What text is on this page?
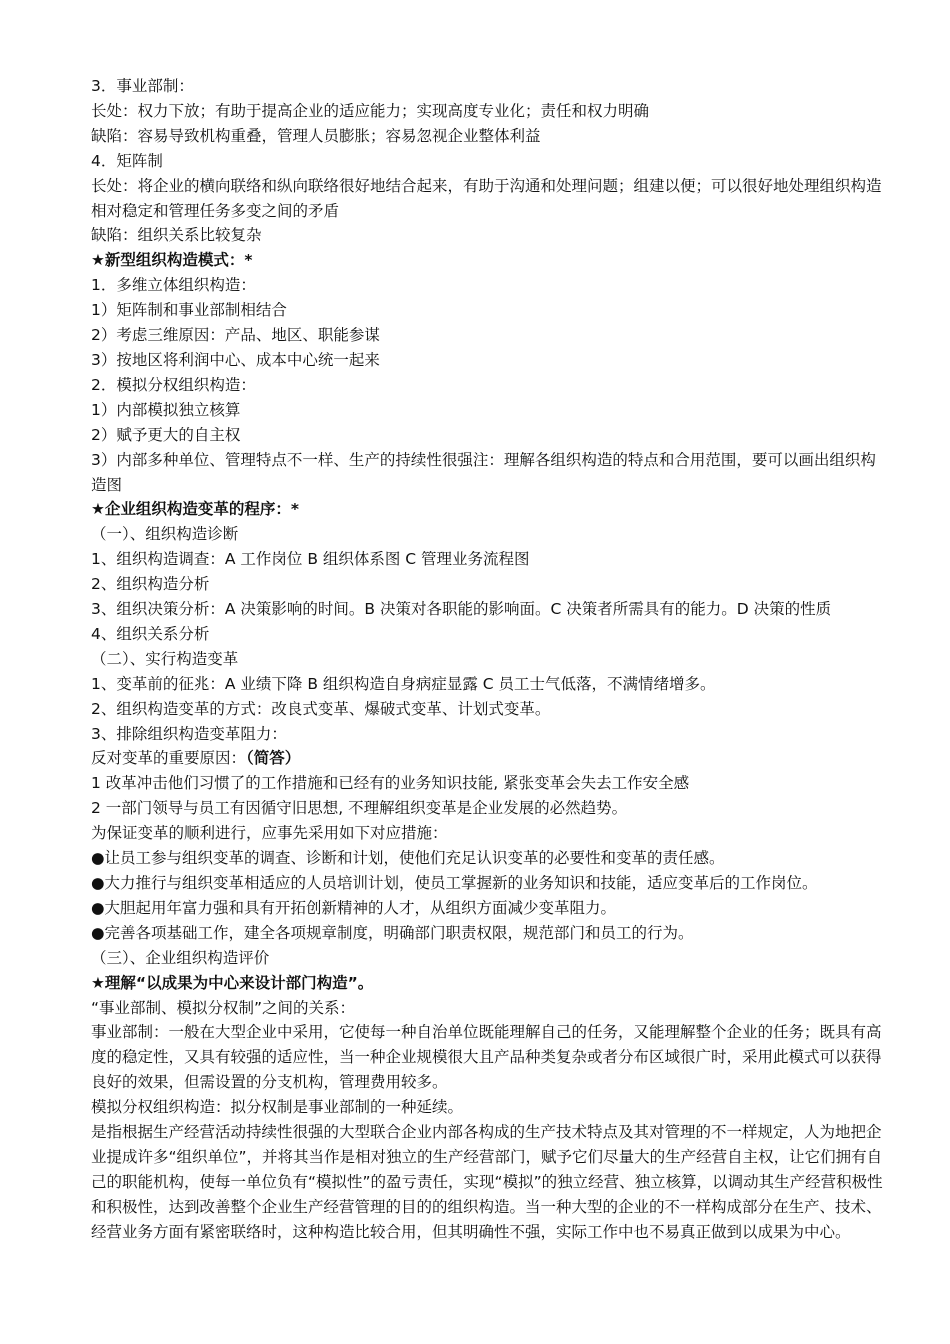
3．事业部制：
长处：权力下放；有助于提高企业的适应能力；实现高度专业化；责任和权力明确
缺陷：容易导致机构重叠，管理人员膨胀；容易忽视企业整体利益
4．矩阵制
长处：将企业的横向联络和纵向联络很好地结合起来，有助于沟通和处理问题；组建以便；可以很好地处理组织构造相对稳定和管理任务多变之间的矛盾
缺陷：组织关系比较复杂
★新型组织构造模式：*
1．多维立体组织构造：
1）矩阵制和事业部制相结合
2）考虑三维原因：产品、地区、职能参谋
3）按地区将利润中心、成本中心统一起来
2．模拟分权组织构造：
1）内部模拟独立核算
2）赋予更大的自主权
3）内部多种单位、管理特点不一样、生产的持续性很强注：理解各组织构造的特点和合用范围，要可以画出组织构造图
★企业组织构造变革的程序：*
（一）、组织构造诊断
1、组织构造调查：A 工作岗位 B 组织体系图 C 管理业务流程图
2、组织构造分析
3、组织决策分析：A 决策影响的时间。B 决策对各职能的影响面。C 决策者所需具有的能力。D 决策的性质
4、组织关系分析
（二）、实行构造变革
1、变革前的征兆：A 业绩下降 B 组织构造自身病症显露 C 员工士气低落，不满情绪增多。
2、组织构造变革的方式：改良式变革、爆破式变革、计划式变革。
3、排除组织构造变革阻力：
反对变革的重要原因：（简答）
1 改革冲击他们习惯了的工作措施和已经有的业务知识技能, 紧张变革会失去工作安全感
2 一部门领导与员工有因循守旧思想, 不理解组织变革是企业发展的必然趋势。
为保证变革的顺利进行，应事先采用如下对应措施：
●让员工参与组织变革的调查、诊断和计划，使他们充足认识变革的必要性和变革的责任感。
●大力推行与组织变革相适应的人员培训计划，使员工掌握新的业务知识和技能，适应变革后的工作岗位。
●大胆起用年富力强和具有开拓创新精神的人才，从组织方面减少变革阻力。
●完善各项基础工作，建全各项规章制度，明确部门职责权限，规范部门和员工的行为。
（三）、企业组织构造评价
★理解“以成果为中心来设计部门构造”。
“事业部制、模拟分权制”之间的关系：
事业部制：一般在大型企业中采用，它使每一种自治单位既能理解自己的任务，又能理解整个企业的任务；既具有高度的稳定性，又具有较强的适应性，当一种企业规模很大且产品种类复杂或者分布区域很广时，采用此模式可以获得良好的效果，但需设置的分支机构，管理费用较多。
模拟分权组织构造：拟分权制是事业部制的一种延续。
是指根据生产经营活动持续性很强的大型联合企业内部各构成的生产技术特点及其对管理的不一样规定，人为地把企业提成许多“组织单位”，并将其当作是相对独立的生产经营部门，赋予它们尽量大的生产经营自主权，让它们拥有自己的职能机构，使每一单位负有“模拟性”的盈亏责任，实现“模拟”的独立经营、独立核算，以调动其生产经营积极性和积极性，达到改善整个企业生产经营管理的目的的组织构造。当一种大型的企业的不一样构成部分在生产、技术、经营业务方面有紧密联络时，这种构造比较合用，但其明确性不强，实际工作中也不易真正做到以成果为中心。
